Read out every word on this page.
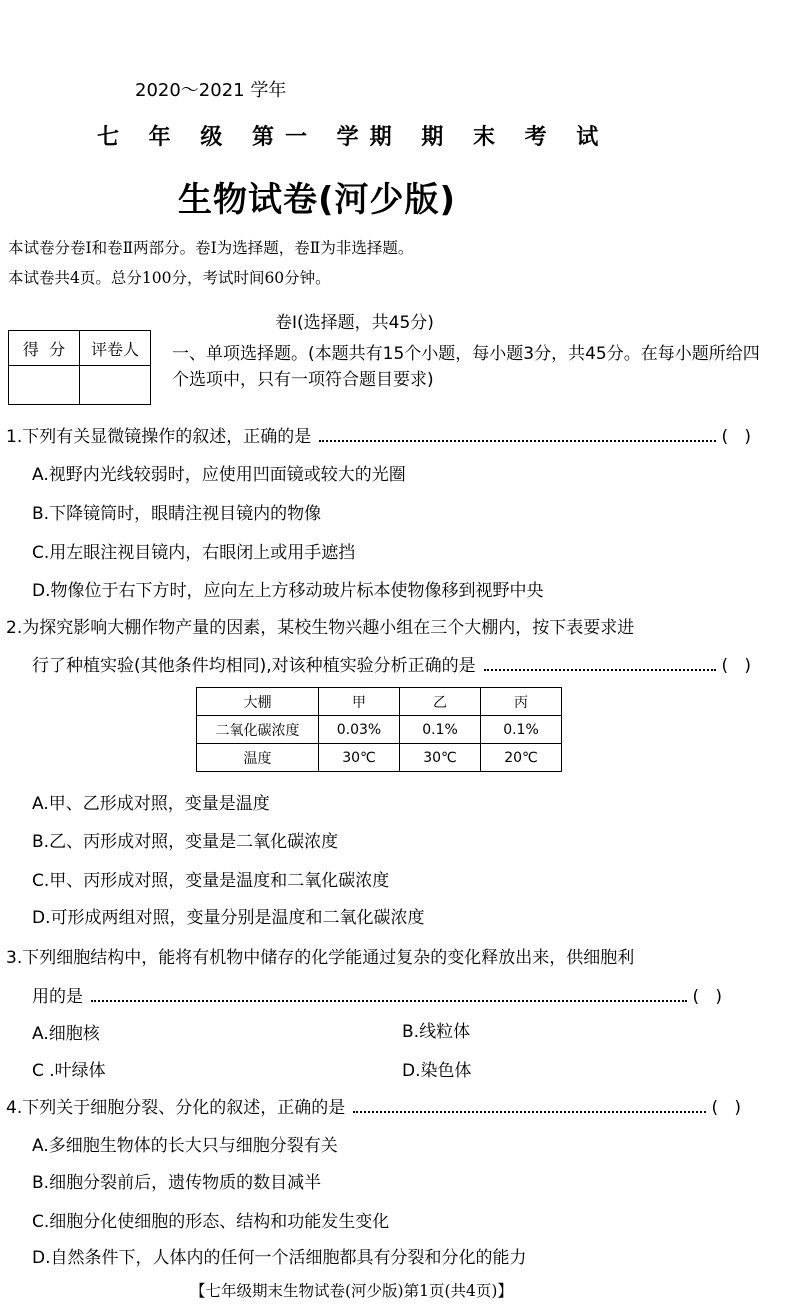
2020～2021 学年
七 年 级 第一 学期 期 末 考 试
生物试卷(河少版)
本试卷分卷Ⅰ和卷Ⅱ两部分。卷Ⅰ为选择题，卷Ⅱ为非选择题。
本试卷共4页。总分100分，考试时间60分钟。
卷Ⅰ(选择题，共45分)
得  分	评卷人
	一、单项选择题。(本题共有15个小题，每小题3分，共45分。在每小题所给四个选项中，只有一项符合题目要求)
1.下列有关显微镜操作的叙述，正确的是	(   )
A.视野内光线较弱时，应使用凹面镜或较大的光圈
B.下降镜筒时，眼睛注视目镜内的物像
C.用左眼注视目镜内，右眼闭上或用手遮挡
D.物像位于右下方时，应向左上方移动玻片标本使物像移到视野中央
2.为探究影响大棚作物产量的因素，某校生物兴趣小组在三个大棚内，按下表要求进
行了种植实验(其他条件均相同),对该种植实验分析正确的是	(   )
大棚	甲	乙	丙
二氧化碳浓度	0.03%	0.1%	0.1%
温度	30℃	30℃	20℃
A.甲、乙形成对照，变量是温度
B.乙、丙形成对照，变量是二氧化碳浓度
C.甲、丙形成对照，变量是温度和二氧化碳浓度
D.可形成两组对照，变量分别是温度和二氧化碳浓度
3.下列细胞结构中，能将有机物中储存的化学能通过复杂的变化释放出来，供细胞利
用的是	(   )
A.细胞核	B.线粒体
C .叶绿体	D.染色体
4.下列关于细胞分裂、分化的叙述，正确的是	(   )
A.多细胞生物体的长大只与细胞分裂有关
B.细胞分裂前后，遗传物质的数目减半
C.细胞分化使细胞的形态、结构和功能发生变化
D.自然条件下，人体内的任何一个活细胞都具有分裂和分化的能力
【七年级期末生物试卷(河少版)第1页(共4页)】
